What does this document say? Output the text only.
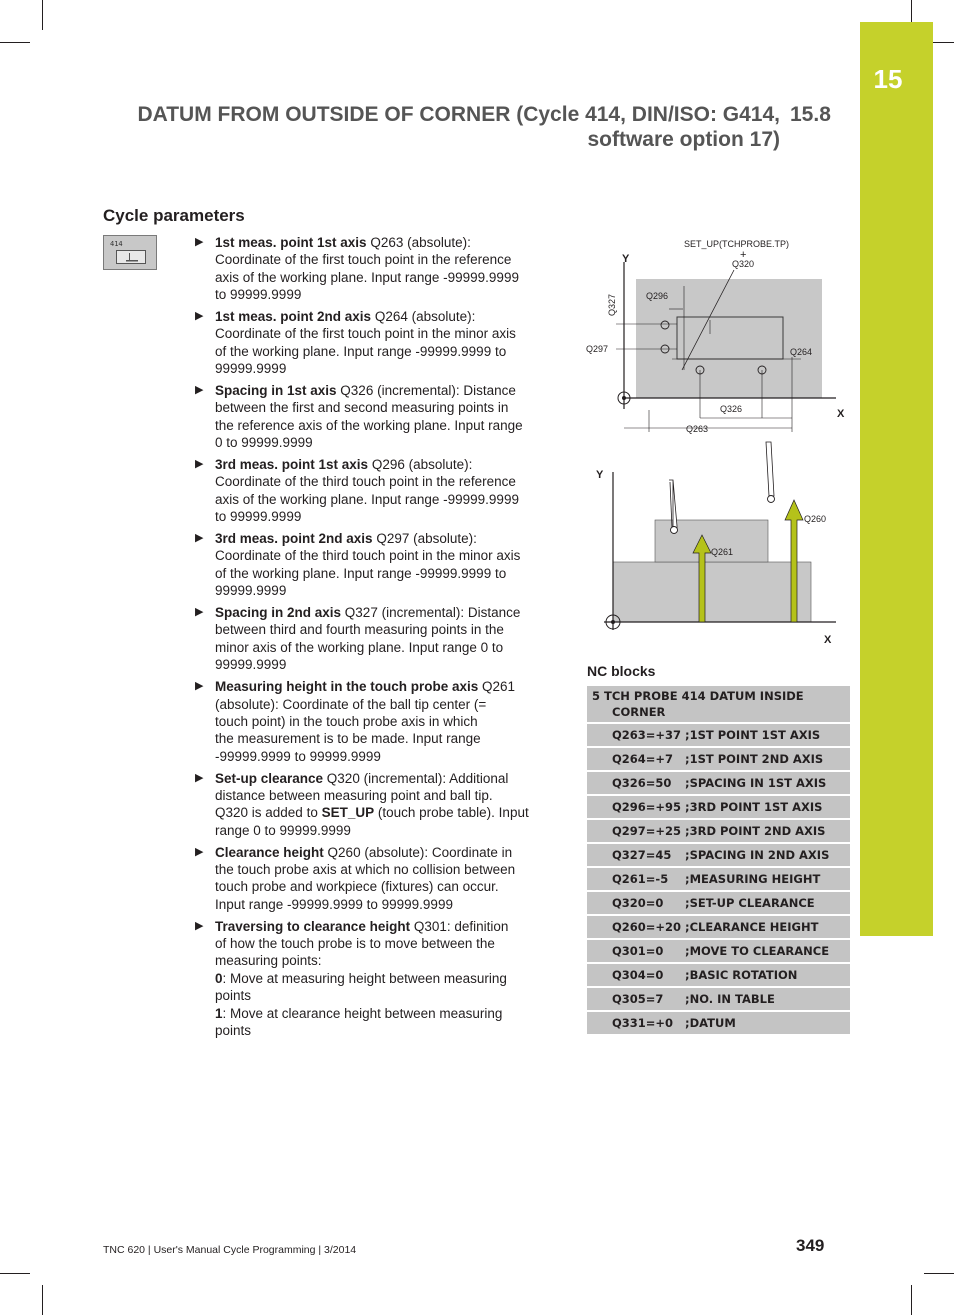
15
DATUM FROM OUTSIDE OF CORNER (Cycle 414, DIN/ISO: G414,
software option 17)
15.8
Cycle parameters
414	▶ 1st meas. point 1st axis Q263 (absolute):
Coordinate of the first touch point in the reference
axis of the working plane. Input range -99999.9999
to 99999.9999
▶ 1st meas. point 2nd axis Q264 (absolute):
Coordinate of the first touch point in the minor axis
of the working plane. Input range -99999.9999 to
99999.9999
▶ Spacing in 1st axis Q326 (incremental): Distance
between the first and second measuring points in
the reference axis of the working plane. Input range
0 to 99999.9999
▶ 3rd meas. point 1st axis Q296 (absolute):
Coordinate of the third touch point in the reference
axis of the working plane. Input range -99999.9999
to 99999.9999
▶ 3rd meas. point 2nd axis Q297 (absolute):
Coordinate of the third touch point in the minor axis
of the working plane. Input range -99999.9999 to
99999.9999
▶ Spacing in 2nd axis Q327 (incremental): Distance
between third and fourth measuring points in the
minor axis of the working plane. Input range 0 to
99999.9999
▶ Measuring height in the touch probe axis Q261
(absolute): Coordinate of the ball tip center (=
touch point) in the touch probe axis in which
the measurement is to be made. Input range
-99999.9999 to 99999.9999
▶ Set-up clearance Q320 (incremental): Additional
distance between measuring point and ball tip.
Q320 is added to SET_UP (touch probe table). Input
range 0 to 99999.9999
▶ Clearance height Q260 (absolute): Coordinate in
the touch probe axis at which no collision between
touch probe and workpiece (fixtures) can occur.
Input range -99999.9999 to 99999.9999
▶ Traversing to clearance height Q301: definition
of how the touch probe is to move between the
measuring points:
0: Move at measuring height between measuring
points
1: Move at clearance height between measuring
points
Y
X
SET_UP(TCHPROBE.TP)
+
Q320
Q327	Q296
Q297	Q264
Q326
Q263
Y
X
Q260
Q261
NC blocks
5 TCH PROBE 414 DATUM INSIDE
CORNER
Q263=+37 ;1ST POINT 1ST AXIS
Q264=+7 ;1ST POINT 2ND AXIS
Q326=50 ;SPACING IN 1ST AXIS
Q296=+95 ;3RD POINT 1ST AXIS
Q297=+25 ;3RD POINT 2ND AXIS
Q327=45 ;SPACING IN 2ND AXIS
Q261=-5 ;MEASURING HEIGHT
Q320=0 ;SET-UP CLEARANCE
Q260=+20 ;CLEARANCE HEIGHT
Q301=0 ;MOVE TO CLEARANCE
Q304=0 ;BASIC ROTATION
Q305=7 ;NO. IN TABLE
Q331=+0 ;DATUM
TNC 620 | User's Manual Cycle Programming | 3/2014	349
